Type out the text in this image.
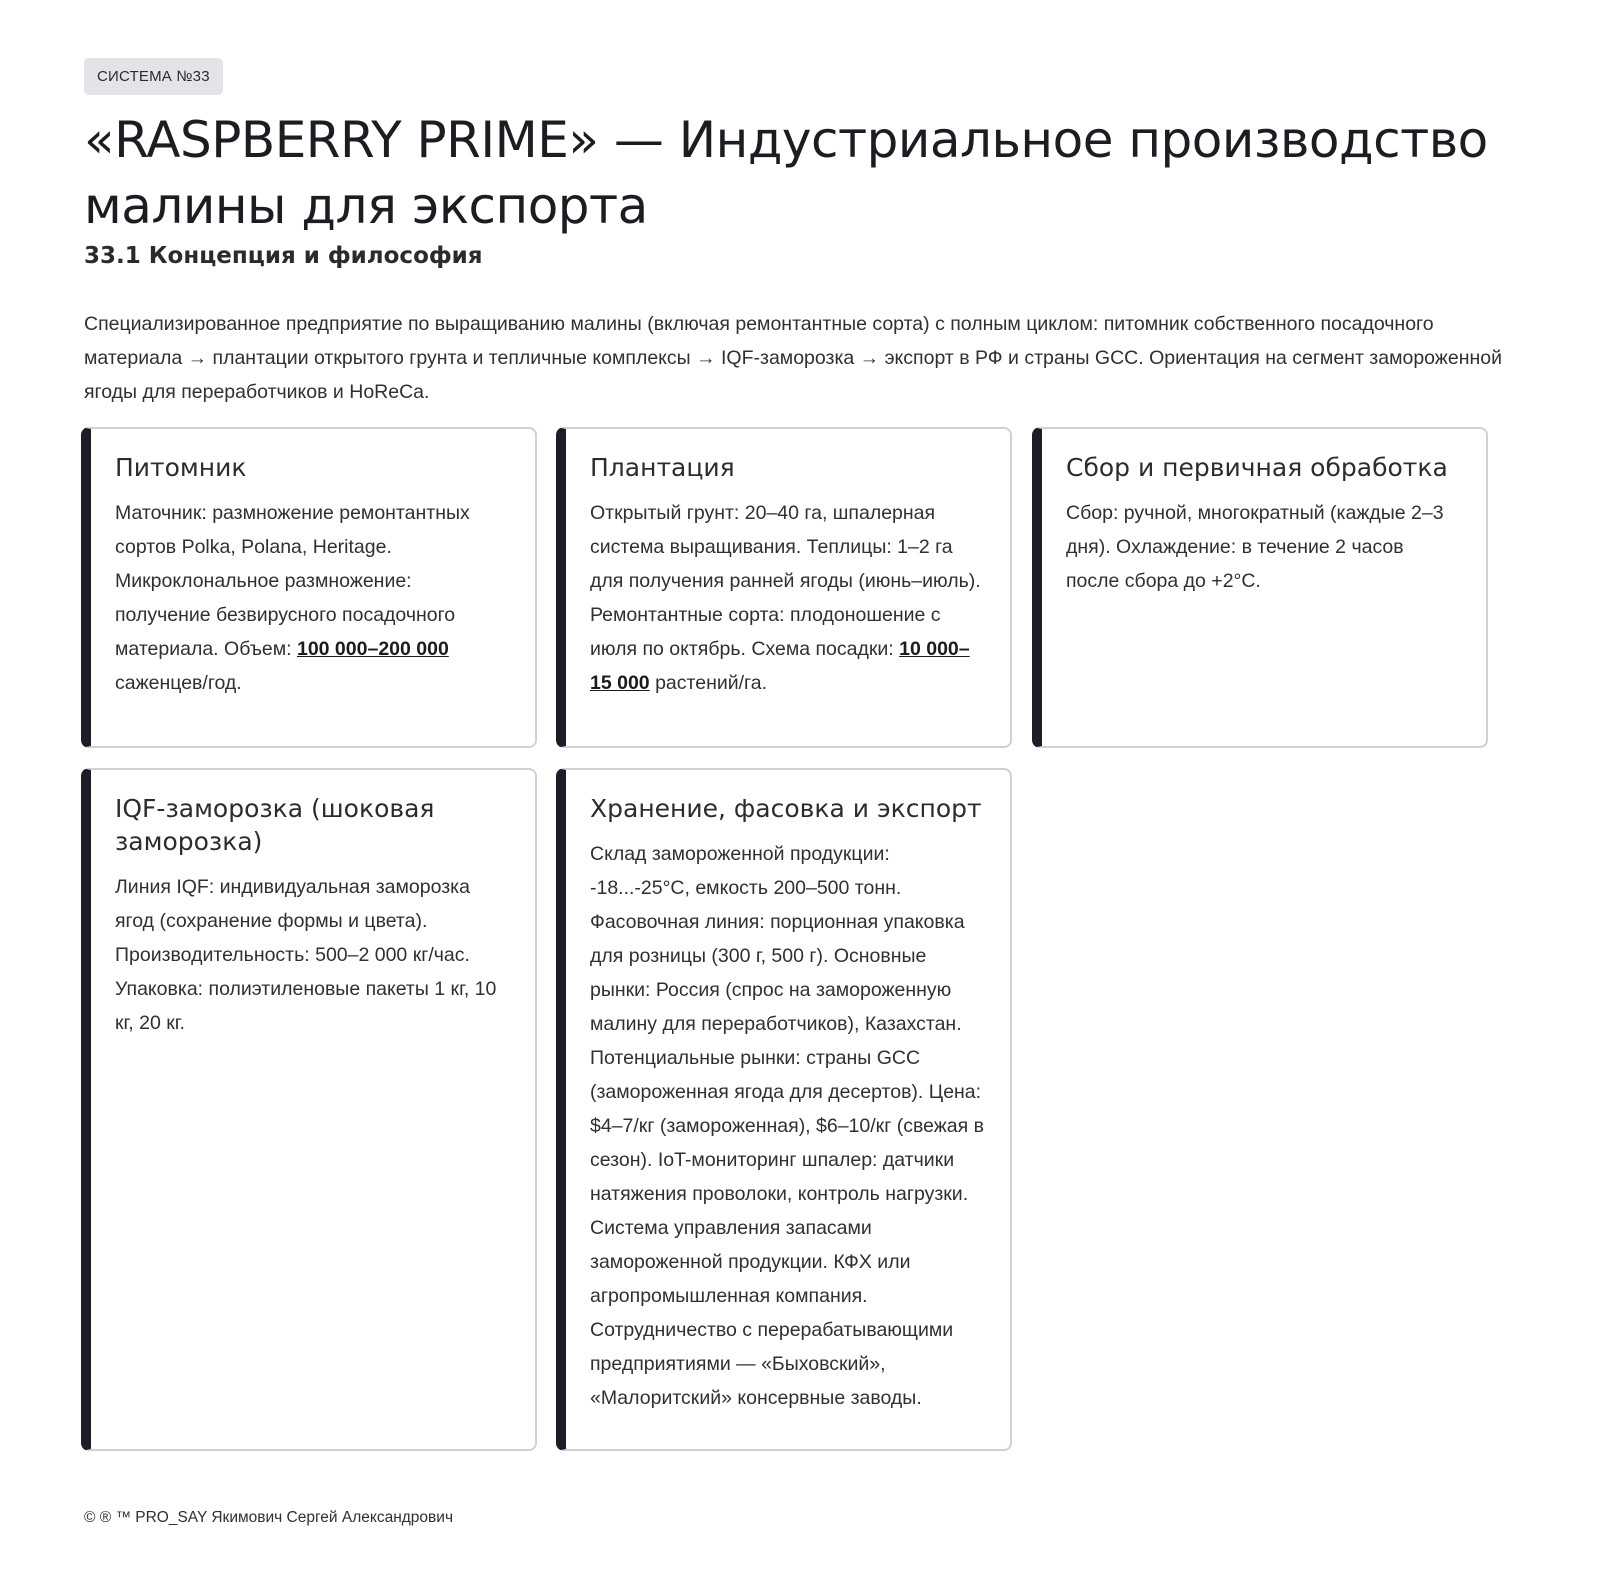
СИСТЕМА №33
«RASPBERRY PRIME» — Индустриальное производство малины для экспорта
33.1 Концепция и философия

Специализированное предприятие по выращиванию малины (включая ремонтантные сорта) с полным циклом: питомник собственного посадочного материала → плантации открытого грунта и тепличные комплексы → IQF-заморозка → экспорт в РФ и страны GCC. Ориентация на сегмент замороженной ягоды для переработчиков и HoReCa.

Питомник

Маточник: размножение ремонтантных сортов Polka, Polana, Heritage. Микроклональное размножение: получение безвирусного посадочного материала. Объем: 100 000–200 000 саженцев/год.

Плантация

Открытый грунт: 20–40 га, шпалерная система выращивания. Теплицы: 1–2 га для получения ранней ягоды (июнь–июль). Ремонтантные сорта: плодоношение с июля по октябрь. Схема посадки: 10 000–15 000 растений/га.

Сбор и первичная обработка

Сбор: ручной, многократный (каждые 2–3 дня). Охлаждение: в течение 2 часов после сбора до +2°C.

IQF-заморозка (шоковая заморозка)

Линия IQF: индивидуальная заморозка ягод (сохранение формы и цвета). Производительность: 500–2 000 кг/час. Упаковка: полиэтиленовые пакеты 1 кг, 10 кг, 20 кг.

Хранение, фасовка и экспорт

Склад замороженной продукции: -18...-25°C, емкость 200–500 тонн. Фасовочная линия: порционная упаковка для розницы (300 г, 500 г). Основные рынки: Россия (спрос на замороженную малину для переработчиков), Казахстан. Потенциальные рынки: страны GCC (замороженная ягода для десертов). Цена: $4–7/кг (замороженная), $6–10/кг (свежая в сезон). IoT-мониторинг шпалер: датчики натяжения проволоки, контроль нагрузки. Система управления запасами замороженной продукции. КФХ или агропромышленная компания. Сотрудничество с перерабатывающими предприятиями — «Быховский», «Малоритский» консервные заводы.

© ® ™ PRO_SAY Якимович Сергей Александрович
